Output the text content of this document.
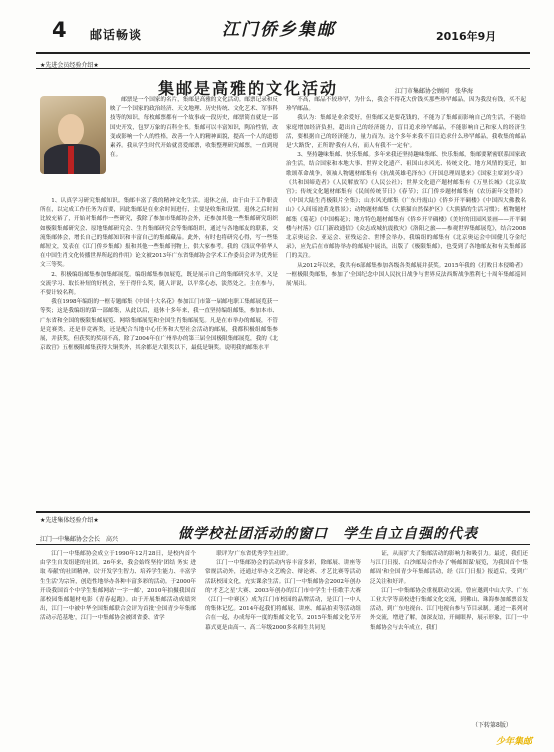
4 邮话畅谈	江门侨乡集邮	2016年9月
★先进会员经验介绍★
集邮是高雅的文化活动	江门市集邮协会顾问　张华海

邮票是一个国家的名片，集邮是高雅的文化活动。邮票记录和反映了一个国家的政治经济、天文地理、历史传统、文化艺术、军事科技等的知识，每枚邮票都有一个故事或一段历史，邮票简直就是一部国史开发，包罗万象的百科全书。集邮可以丰富知识，陶冶性情，改变或影响一个人的性格，改善一个人的精神面貌，提高一个人的道德素养。我从学生时代开始就喜爱邮票，收集整理研究邮票，一直到现在。

1、认真学习研究集邮知识。集邮丰富了我的精神文化生活。退休之前，由于由于工作职责所在，以完成工作任务为首要，因此集邮是在业余时间进行，主要是收集和设置。退休之后时间比较充裕了，开始对集邮作一些研究，我除了参加市集邮协会外，还参加其他一些集邮研究组织如极限集邮研究会、原地集邮研究会、生肖集邮研究会等集邮组织，通过与各地邮友的联系，交流集邮体会，增长自己的集邮知识和丰富自己的集邮藏品。此外，有时也将研究心得，写一些集邮短文，发表在《江门侨乡集邮》报和其他一些集邮刊物上，供大家参考。我的《浅议华侨华人在中国生肖文化传播世界所起的作用》论文被2013年广东省集邮协会学术工作委员会评为优秀征文三等奖。

2、积极编组邮集参加集邮展览。编组邮集参加展览，既是展示自己的集邮研究水平，又是交流学习、取长补短的好机会，至于得什么奖，随人评说，以平常心态，淡然处之。主在参与，不要计较名利。

我在1998年编组的一框专题邮集《中国十大名花》参加江门市第一届邮电职工集邮展览获一等奖；这是我编组的第一部邮集，从此以后，退休十多年来，我一直坚持编组邮集，参加本市、广东省和全国的极限集邮展览、网络集邮展览和全国生肖集邮展览。凡是在市举办的邮展，不管是竞赛类、还是非竞赛类，还是配合当地中心任务和大型社会活动的邮展，我都积极组邮集参展，并获奖，但获奖的奖项不高，除了2004年在广州举办的第三届全国极限集邮展览，我的《北京故宫》五框极限邮集获得大铜奖外，其余都是大银奖以下，最低是铜奖。说明我的邮集水平

不高，邮品不较珍罕，为什么，我会不得花大价钱买那些珍罕邮品，因为我没有钱，买不起珍罕邮品。

我认为：集邮是业余爱好，但集邮又是要花钱的，不能为了集邮而影响自己的生活，不能给家庭增加经济负担，超出自己的经济能力，盲目追求珍罕邮品，不能影响自己和家人的经济生活，要根据自己的经济能力，量力而为。这个多年来我不盲目追求什么珍罕邮品，我收集的邮品是'大路货'，正所谓'我有人有，而人有我不一定有'。

3、坚持趣味集邮、快乐集邮。多年来我还坚持趣味集邮、快乐集邮，集邮要紧密联系国家政治生活，结合国家和本地大事、世界文化遗产、祖国山水风光、传统文化、地方风情的变迁，如歌颂革命战争，领袖人物题材邮集有《抗战英雄毛泽东》《开国总理周恩来》《国家主席刘少奇》《共和国缔造者》《人民解放军》《人民公社》；世界文化遗产题材邮集有《万里长城》《北京故宫》；传统文化题材邮集有《民间传统节日》《春节》；江门侨乡题材邮集有《农历新年交替时》《中国大陆生肖极限片全集》；山水风光邮集《广东丹霞山》《侨乡开平碉楼》《中国四大佛教名山》《入间瑶池黄龙胜景》；动物题材邮集《大熊猫自然保护区》《大熊猫的生活习惯》；植物题材邮集《菊花》《中国梅花》；地方特色题材邮集有《侨乡开平碉楼》《美好的田园风景画——开平碉楼与村落》《江门新政通信》《众志成城抗震救灾》《洛阳之旅——参观世界集邮展览》，结合2008北京奥运会、亚运会、亚残运会、世博会举办，我编组的邮集有《北京奥运会中国健儿夺金纪录》，应先后在市邮协举办的邮展中展出，出版了《极限集邮》，也受到了各地邮友和有关集邮部门的关注。

从2012年以来，我共有6部邮集参加各级各类邮展并获奖。2015年我的《打败日本侵略者》一框极限类邮集，参加了'全国纪念中国人民抗日战争与世界反法西斯战争胜利七十周年集邮巡回展'展出。

★先进集体经验介绍★
江门一中集邮协会会长　高兴	做学校社团活动的窗口　学生自立自强的代表

江门一中集邮协会成立于1990年12月28日，是校内首个由学生自发组建的社团。26年来，我会始终坚持'团结 务实 进取 奉献'的社团精神，以'开发学生智力、培养学生能力、丰富学生生活'为宗旨，创造性地举办各种丰富多彩的活动。于2000年开设我国首个中学生集邮网站'一字一邮'，2010年拍摄我国首部校园集邮题材电影《青春起跑》。由于开展集邮活动成绩突出，江门一中被中华全国集邮联合会评为首批'全国青少年集邮活动示范基地'，江门一中集邮协会被团省委、省学

联评为'广东省优秀学生社团'。

江门一中集邮协会的活动内容丰富多彩，除邮展、讲座等常规活动外，还通过举办文艺晚会、辩论赛、才艺比赛等活动活跃校园文化，充实课余生活。江门一中集邮协会2002年创办的'才艺之星'大赛、2003年创办的江门市中学生十佳歌手大赛（江门一中赛区）成为江门市校园的品牌活动，是江门一中人的集体记忆。2014年起我们将邮展、讲座、邮品拍卖等活动组合在一起，办成每年一度的集邮文化节。2015年集邮文化节开幕式更是由高一、高二年级2000多名师生共同见

证，从而扩大了集邮活动的影响力和吸引力。最近，我们还与江门日报、白沙邮局合作办了'畅邮图谋'展览，为我国首个'集邮周'和全国青少年集邮活动，经《江门日报》报道后，受到广泛关注和好评。

江门一中集邮协会重视联动交流，曾应邀到中山大学、广东工业大学等高校进行集邮文化交流，到佛山、珠海参加邮票首发活动，到广东电视台、江门电视台参与节目录制。通过一系列对外交流，增进了解，加深友谊，开阔眼界，展示形象，江门一中集邮协会与去年成立，我们

（下转第8版）
少年集邮
